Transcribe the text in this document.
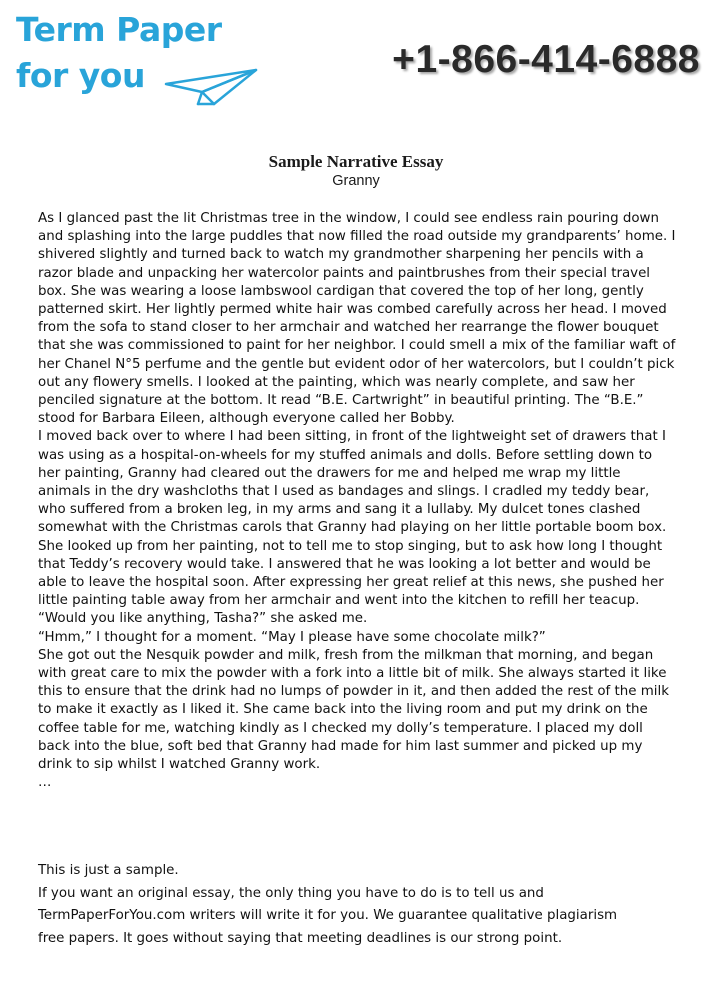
Term Paper
for you	+1-866-414-6888
Sample Narrative Essay
Granny

As I glanced past the lit Christmas tree in the window, I could see endless rain pouring down and splashing into the large puddles that now filled the road outside my grandparents’ home. I shivered slightly and turned back to watch my grandmother sharpening her pencils with a razor blade and unpacking her watercolor paints and paintbrushes from their special travel box. She was wearing a loose lambswool cardigan that covered the top of her long, gently patterned skirt. Her lightly permed white hair was combed carefully across her head. I moved from the sofa to stand closer to her armchair and watched her rearrange the flower bouquet that she was commissioned to paint for her neighbor. I could smell a mix of the familiar waft of her Chanel N°5 perfume and the gentle but evident odor of her watercolors, but I couldn’t pick out any flowery smells. I looked at the painting, which was nearly complete, and saw her penciled signature at the bottom. It read “B.E. Cartwright” in beautiful printing. The “B.E.” stood for Barbara Eileen, although everyone called her Bobby.

I moved back over to where I had been sitting, in front of the lightweight set of drawers that I was using as a hospital-on-wheels for my stuffed animals and dolls. Before settling down to her painting, Granny had cleared out the drawers for me and helped me wrap my little animals in the dry washcloths that I used as bandages and slings. I cradled my teddy bear, who suffered from a broken leg, in my arms and sang it a lullaby. My dulcet tones clashed somewhat with the Christmas carols that Granny had playing on her little portable boom box. She looked up from her painting, not to tell me to stop singing, but to ask how long I thought that Teddy’s recovery would take. I answered that he was looking a lot better and would be able to leave the hospital soon. After expressing her great relief at this news, she pushed her little painting table away from her armchair and went into the kitchen to refill her teacup.

“Would you like anything, Tasha?” she asked me.

“Hmm,” I thought for a moment. “May I please have some chocolate milk?”

She got out the Nesquik powder and milk, fresh from the milkman that morning, and began with great care to mix the powder with a fork into a little bit of milk. She always started it like this to ensure that the drink had no lumps of powder in it, and then added the rest of the milk to make it exactly as I liked it. She came back into the living room and put my drink on the coffee table for me, watching kindly as I checked my dolly’s temperature. I placed my doll back into the blue, soft bed that Granny had made for him last summer and picked up my drink to sip whilst I watched Granny work.

…

This is just a sample.

If you want an original essay, the only thing you have to do is to tell us and

TermPaperForYou.com writers will write it for you. We guarantee qualitative plagiarism

free papers. It goes without saying that meeting deadlines is our strong point.
